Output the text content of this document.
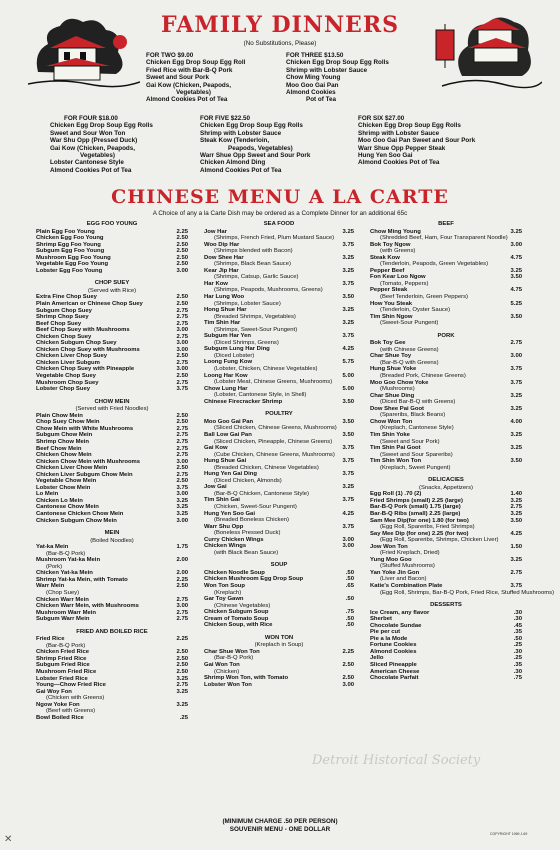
FAMILY DINNERS
(No Substitutions, Please)
FOR TWO $9.00
Chicken Egg Drop Soup Egg Roll
Fried Rice with Bar-B-Q Pork
Sweet and Sour Pork
Gai Kow (Chicken, Peapods,
Vegetables)
Almond Cookies Pot of Tea
FOR THREE $13.50
Chicken Egg Drop Soup Egg Rolls
Shrimp with Lobster Sauce
Chow Ming Young
Moo Goo Gai Pan
Almond Cookies
Pot of Tea
FOR FOUR $18.00
Chicken Egg Drop Soup Egg Rolls
Sweet and Sour Won Ton
War Shu Opp (Pressed Duck)
Gai Kow (Chicken, Peapods,
Vegetables)
Lobster Cantonese Style
Almond Cookies Pot of Tea
FOR FIVE $22.50
Chicken Egg Drop Soup Egg Rolls
Shrimp with Lobster Sauce
Steak Kow (Tenderloin,
Peapods, Vegetables)
Warr Shue Opp Sweet and Sour Pork
Chicken Almond Ding
Almond Cookies Pot of Tea
FOR SIX $27.00
Chicken Egg Drop Soup Egg Rolls
Shrimp with Lobster Sauce
Moo Goo Gai Pan Sweet and Sour Pork
Warr Shue Opp Pepper Steak
Hung Yen Soo Gai
Almond Cookies Pot of Tea
CHINESE MENU A LA CARTE
A Choice of any a la Carte Dish may be ordered as a Complete Dinner for an additional 65c
EGG FOO YOUNG
Plain Egg Foo Young	2.25
Chicken Egg Foo Young	2.50
Shrimp Egg Foo Young	2.50
Subgum Egg Foo Young	2.50
Mushroom Egg Foo Young	2.50
Vegetable Egg Foo Young	2.50
Lobster Egg Foo Young	3.00
CHOP SUEY
(Served with Rice)
Extra Fine Chop Suey	2.50
Plain American or Chinese Chop Suey	2.50
Subgum Chop Suey	2.75
Shrimp Chop Suey	2.75
Beef Chop Suey	2.75
Beef Chop Suey with Mushrooms	3.00
Chicken Chop Suey	2.75
Chicken Subgum Chop Suey	3.00
Chicken Chop Suey with Mushrooms	3.00
Chicken Liver Chop Suey	2.50
Chicken Liver Subgum	2.75
Chicken Chop Suey with Pineapple	3.00
Vegetable Chop Suey	2.50
Mushroom Chop Suey	2.75
Lobster Chop Suey	3.75
CHOW MEIN
(Served with Fried Noodles)
Plain Chow Mein	2.50
Chop Suey Chow Mein	2.50
Chow Mein with White Mushrooms	2.75
Subgum Chow Mein	2.75
Shrimp Chow Mein	2.75
Beef Chow Mein	2.75
Chicken Chow Mein	2.75
Chicken Chow Mein with Mushrooms	3.00
Chicken Liver Chow Mein	2.50
Chicken Liver Subgum Chow Mein	2.75
Vegetable Chow Mein	2.50
Lobster Chow Mein	3.75
Lo Mein	3.00
Chicken Lo Mein	3.25
Cantonese Chow Mein	3.25
Cantonese Chicken Chow Mein	3.25
Chicken Subgum Chow Mein	3.00
MEIN
(Boiled Noodles)
Yat-ka Mein	1.75
(Bar-B-Q Pork)
Mushroom Yat-ka Mein	2.00
(Pork)
Chicken Yat-ka Mein	2.00
Shrimp Yat-ka Mein, with Tomato	2.25
Warr Mein	2.50
(Chop Suey)
Chicken Warr Mein	2.75
Chicken Warr Mein, with Mushrooms	3.00
Mushroom Warr Mein	2.75
Subgum Warr Mein	2.75
FRIED AND BOILED RICE
Fried Rice	2.25
(Bar-B-Q Pork)
Chicken Fried Rice	2.50
Shrimp Fried Rice	2.50
Subgum Fried Rice	2.50
Mushroom Fried Rice	2.50
Lobster Fried Rice	3.25
Young—Chow Fried Rice	2.75
Gai Woy Fon	3.25
(Chicken with Greens)
Ngow Yoke Fon	3.25
(Beef with Greens)
Bowl Boiled Rice	.25
SEA FOOD
Jow Har	3.25
(Shrimps, French Fried, Plum Mustard Sauce)
Woo Dip Har	3.75
(Shrimps blended with Bacon)
Dow Shee Har	3.25
(Shrimps, Black Bean Sauce)
Kear Jip Har	3.25
(Shrimps, Catsup, Garlic Sauce)
Har Kow	3.75
(Shrimps, Peapods, Mushrooms, Greens)
Har Lung Woo	3.50
(Shrimps, Lobster Sauce)
Hong Shue Har	3.25
(Breaded Shrimps, Vegetables)
Tim Shin Har	3.25
(Shrimps, Sweet-Sour Pungent)
Subgum Har Yen	3.75
(Diced Shrimps, Greens)
Subgum Lung Har Ding	4.25
(Diced Lobster)
Loong Fung Kow	5.75
(Lobster, Chicken, Chinese Vegetables)
Loong Har Kow	5.00
(Lobster Meat, Chinese Greens, Mushrooms)
Chow Lung Har	5.00
(Lobster, Cantonese Style, in Shell)
Chinese Firecracker Shrimp	3.50
POULTRY
Moo Goo Gai Pan	3.50
(Sliced Chicken, Chinese Greens, Mushrooms)
Ball Low Gai Pan	3.50
(Sliced Chicken, Pineapple, Chinese Greens)
Gai Kow	3.75
(Cube Chicken, Chinese Greens, Mushrooms)
Hung Shue Gai	3.75
(Breaded Chicken, Chinese Vegetables)
Hung Yen Gai Ding	3.75
(Diced Chicken, Almonds)
Jow Gai	3.25
(Bar-B-Q Chicken, Cantonese Style)
Tim Shin Gai	3.75
(Chicken, Sweet-Sour Pungent)
Hung Yen Soo Gai	4.25
(Breaded Boneless Chicken)
Warr Shu Opp	3.75
(Boneless Pressed Duck)
Curry Chicken Wings	3.00
Chicken Wings	3.00
(with Black Bean Sauce)
SOUP
Chicken Noodle Soup	.50
Chicken Mushroom Egg Drop Soup	.50
Won Ton Soup	.65
(Kreplach)
Gar Toy Gawn	.50
(Chinese Vegetables)
Chicken Subgum Soup	.75
Cream of Tomato Soup	.50
Chicken Soup, with Rice	.50
WON TON
(Kreplach in Soup)
Char Shue Won Ton	2.25
(Bar-B-Q Pork)
Gai Won Ton	2.50
(Chicken)
Shrimp Won Ton, with Tomato	2.50
Lobster Won Ton	3.00
BEEF
Chow Ming Young	3.25
(Shredded Beef, Ham, Four Transparent Noodle)
Bok Toy Ngow	3.00
(with Greens)
Steak Kow	4.75
(Tenderloin, Peapods, Green Vegetables)
Pepper Beef	3.25
Fon Kear Loo Ngow	3.50
(Tomato, Peppers)
Pepper Steak	4.75
(Beef Tenderloin, Green Peppers)
How You Steak	5.25
(Tenderloin, Oyster Sauce)
Tim Shin Ngow	3.50
(Sweet-Sour Pungent)
PORK
Bok Toy Gee	2.75
(with Chinese Greens)
Char Shue Toy	3.00
(Bar-B-Q with Greens)
Hung Shue Yoke	3.75
(Breaded Pork, Chinese Greens)
Moo Goo Chow Yoke	3.75
(Mushrooms)
Char Shue Ding	3.25
(Diced Bar-B-Q with Greens)
Dow Shee Pai Goot	3.25
(Spareribs, Black Beans)
Chow Won Ton	4.00
(Kreplach, Cantonese Style)
Tim Shin Yoke	3.25
(Sweet and Sour Pork)
Tim Shin Pai Goot	3.25
(Sweet and Sour Spareribs)
Tim Shin Won Ton	3.50
(Kreplach, Sweet Pungent)
DELICACIES
(Snacks, Appetizers)
Egg Roll (1) .70 (2)	1.40
Fried Shrimps (small) 2.25 (large)	3.25
Bar-B-Q Pork (small) 1.75 (large)	2.75
Bar-B-Q Ribs (small) 2.25 (large)	3.25
Sam Mee Dip(for one) 1.80 (for two)	3.50
(Egg Roll, Spareribs, Fried Shrimps)
Say Mee Dip (for one) 2.25 (for two)	4.25
(Egg Roll, Spareribs, Shrimps, Chicken Liver)
Jow Won Ton	1.50
(Fried Kreplach, Dried)
Yung Moo Goo	3.25
(Stuffed Mushrooms)
Yan Yoke Jin Gon	2.75
(Liver and Bacon)
Katie's Combination Plate	3.75
(Egg Roll, Shrimps, Bar-B-Q Pork, Fried Rice, Stuffed Mushrooms)
DESSERTS
Ice Cream, any flavor	.30
Sherbet	.30
Chocolate Sundae	.45
Pie per cut	.35
Pie a la Mode	.50
Fortune Cookies	.25
Almond Cookies	.30
Jello	.25
Sliced Pineapple	.35
American Cheese	.30
Chocolate Parfait	.75
(MINIMUM CHARGE .50 PER PERSON)
SOUVENIR MENU - ONE DOLLAR
Detroit Historical Society
COPYRIGHT 1969 J-69
✕
